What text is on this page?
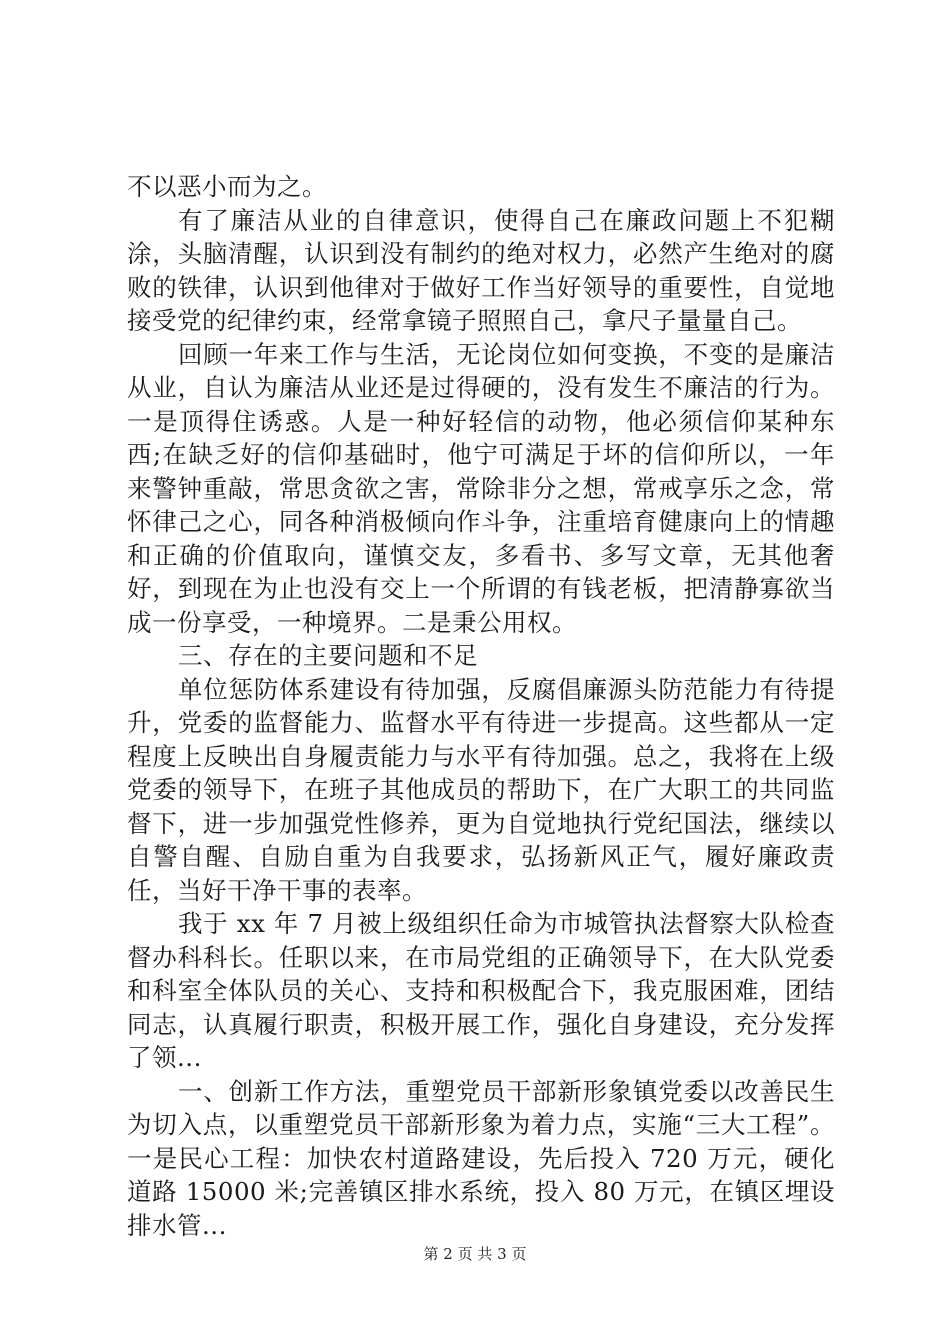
不以恶小而为之。

有了廉洁从业的自律意识，使得自己在廉政问题上不犯糊涂，头脑清醒，认识到没有制约的绝对权力，必然产生绝对的腐败的铁律，认识到他律对于做好工作当好领导的重要性，自觉地接受党的纪律约束，经常拿镜子照照自己，拿尺子量量自己。

回顾一年来工作与生活，无论岗位如何变换，不变的是廉洁从业，自认为廉洁从业还是过得硬的，没有发生不廉洁的行为。一是顶得住诱惑。人是一种好轻信的动物，他必须信仰某种东西;在缺乏好的信仰基础时，他宁可满足于坏的信仰所以，一年来警钟重敲，常思贪欲之害，常除非分之想，常戒享乐之念，常怀律己之心，同各种消极倾向作斗争，注重培育健康向上的情趣和正确的价值取向，谨慎交友，多看书、多写文章，无其他奢好，到现在为止也没有交上一个所谓的有钱老板，把清静寡欲当成一份享受，一种境界。二是秉公用权。

三、存在的主要问题和不足

单位惩防体系建设有待加强，反腐倡廉源头防范能力有待提升，党委的监督能力、监督水平有待进一步提高。这些都从一定程度上反映出自身履责能力与水平有待加强。总之，我将在上级党委的领导下，在班子其他成员的帮助下，在广大职工的共同监督下，进一步加强党性修养，更为自觉地执行党纪国法，继续以自警自醒、自励自重为自我要求，弘扬新风正气，履好廉政责任，当好干净干事的表率。

我于 xx 年 7 月被上级组织任命为市城管执法督察大队检查督办科科长。任职以来，在市局党组的正确领导下，在大队党委和科室全体队员的关心、支持和积极配合下，我克服困难，团结同志，认真履行职责，积极开展工作，强化自身建设，充分发挥了领...

一、创新工作方法，重塑党员干部新形象镇党委以改善民生为切入点，以重塑党员干部新形象为着力点，实施“三大工程”。一是民心工程：加快农村道路建设，先后投入 720 万元，硬化道路 15000 米;完善镇区排水系统，投入 80 万元，在镇区埋设排水管...

第 2 页 共 3 页
